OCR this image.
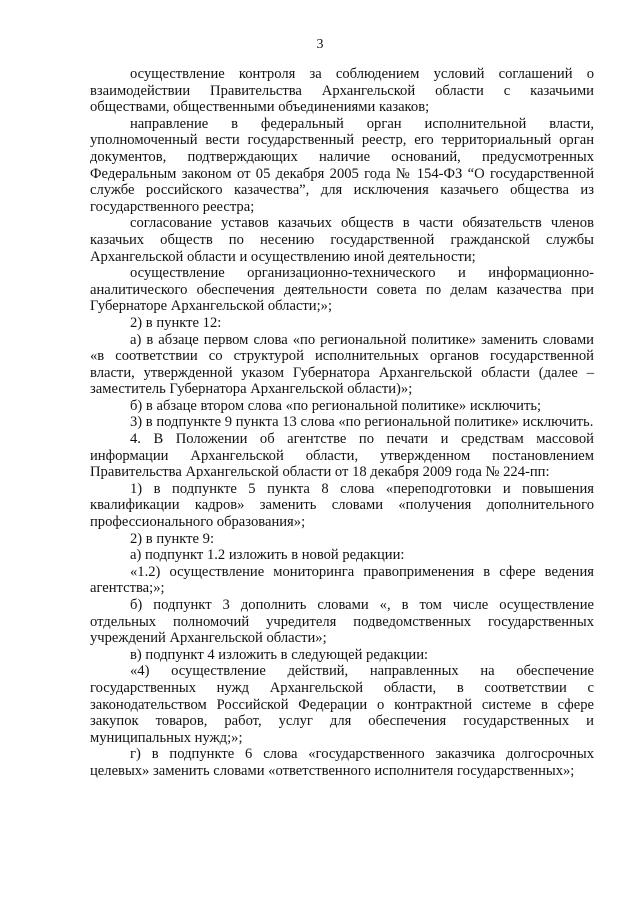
3

осуществление контроля за соблюдением условий соглашений о взаимодействии Правительства Архангельской области с казачьими обществами, общественными объединениями казаков;

направление в федеральный орган исполнительной власти, уполномоченный вести государственный реестр, его территориальный орган документов, подтверждающих наличие оснований, предусмотренных Федеральным законом от 05 декабря 2005 года № 154-ФЗ “О государственной службе российского казачества”, для исключения казачьего общества из государственного реестра;

согласование уставов казачьих обществ в части обязательств членов казачьих обществ по несению государственной гражданской службы Архангельской области и осуществлению иной деятельности;

осуществление организационно-технического и информационно-аналитического обеспечения деятельности совета по делам казачества при Губернаторе Архангельской области;»;

2) в пункте 12:

а) в абзаце первом слова «по региональной политике» заменить словами «в соответствии со структурой исполнительных органов государственной власти, утвержденной указом Губернатора Архангельской области (далее – заместитель Губернатора Архангельской области)»;

б) в абзаце втором слова «по региональной политике» исключить;

3) в подпункте 9 пункта 13 слова «по региональной политике» исключить.

4. В Положении об агентстве по печати и средствам массовой информации Архангельской области, утвержденном постановлением Правительства Архангельской области от 18 декабря 2009 года № 224-пп:

1) в подпункте 5 пункта 8 слова «переподготовки и повышения квалификации кадров» заменить словами «получения дополнительного профессионального образования»;

2) в пункте 9:

а) подпункт 1.2 изложить в новой редакции:

«1.2) осуществление мониторинга правоприменения в сфере ведения агентства;»;

б) подпункт 3 дополнить словами «, в том числе осуществление отдельных полномочий учредителя подведомственных государственных учреждений Архангельской области»;

в) подпункт 4 изложить в следующей редакции:

«4) осуществление действий, направленных на обеспечение государственных нужд Архангельской области, в соответствии с законодательством Российской Федерации о контрактной системе в сфере закупок товаров, работ, услуг для обеспечения государственных и муниципальных нужд;»;

г) в подпункте 6 слова «государственного заказчика долгосрочных целевых» заменить словами «ответственного исполнителя государственных»;
